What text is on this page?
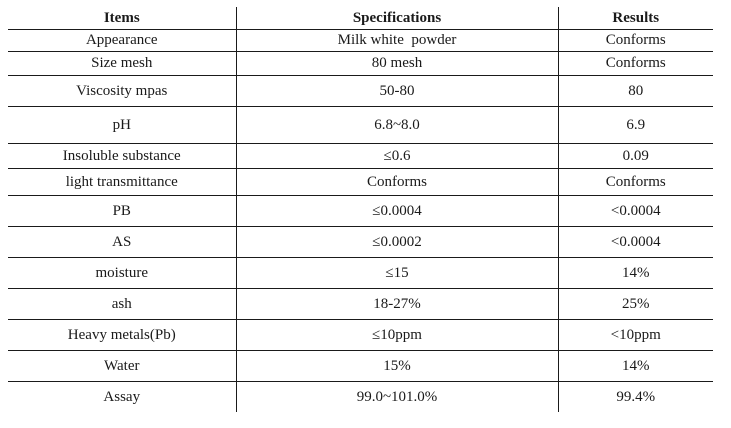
Items	Specifications	Results
Appearance	Milk white  powder	Conforms
Size mesh	80 mesh	Conforms
Viscosity mpas	50-80	80
pH	6.8~8.0	6.9
Insoluble substance	≤0.6	0.09
light transmittance	Conforms	Conforms
PB	≤0.0004	<0.0004
AS	≤0.0002	<0.0004
moisture	≤15	14%
ash	18-27%	25%
Heavy metals(Pb)	≤10ppm	<10ppm
Water	15%	14%
Assay	99.0~101.0%	99.4%
